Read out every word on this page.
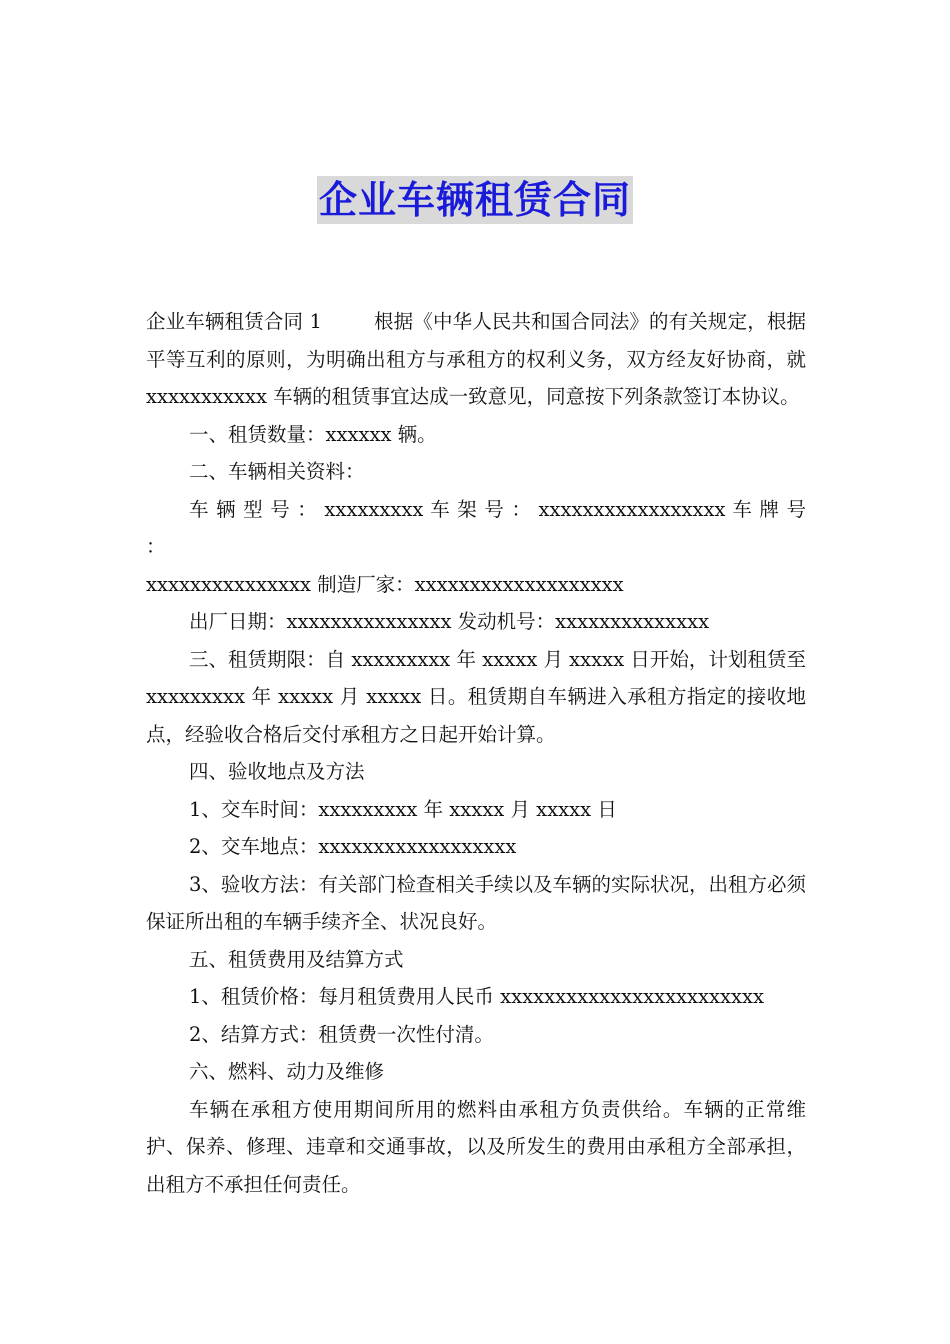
企业车辆租赁合同

企业车辆租赁合同 1	根据《中华人民共和国合同法》的有关规定，根据平等互利的原则，为明确出租方与承租方的权利义务，双方经友好协商，就 xxxxxxxxxxx 车辆的租赁事宜达成一致意见，同意按下列条款签订本协议。

一、租赁数量：xxxxxx 辆。

二、车辆相关资料：

车 辆 型 号 ： xxxxxxxxx 车 架 号 ： xxxxxxxxxxxxxxxxx 车 牌 号 ：

xxxxxxxxxxxxxxx 制造厂家：xxxxxxxxxxxxxxxxxxx

出厂日期：xxxxxxxxxxxxxxx 发动机号：xxxxxxxxxxxxxx

三、租赁期限：自 xxxxxxxxx 年 xxxxx 月 xxxxx 日开始，计划租赁至 xxxxxxxxx 年 xxxxx 月 xxxxx 日。租赁期自车辆进入承租方指定的接收地点，经验收合格后交付承租方之日起开始计算。

四、验收地点及方法

1、交车时间：xxxxxxxxx 年 xxxxx 月 xxxxx 日

2、交车地点：xxxxxxxxxxxxxxxxxx

3、验收方法：有关部门检查相关手续以及车辆的实际状况，出租方必须保证所出租的车辆手续齐全、状况良好。

五、租赁费用及结算方式

1、租赁价格：每月租赁费用人民币 xxxxxxxxxxxxxxxxxxxxxxxx

2、结算方式：租赁费一次性付清。

六、燃料、动力及维修

车辆在承租方使用期间所用的燃料由承租方负责供给。车辆的正常维护、保养、修理、违章和交通事故，以及所发生的费用由承租方全部承担，出租方不承担任何责任。
